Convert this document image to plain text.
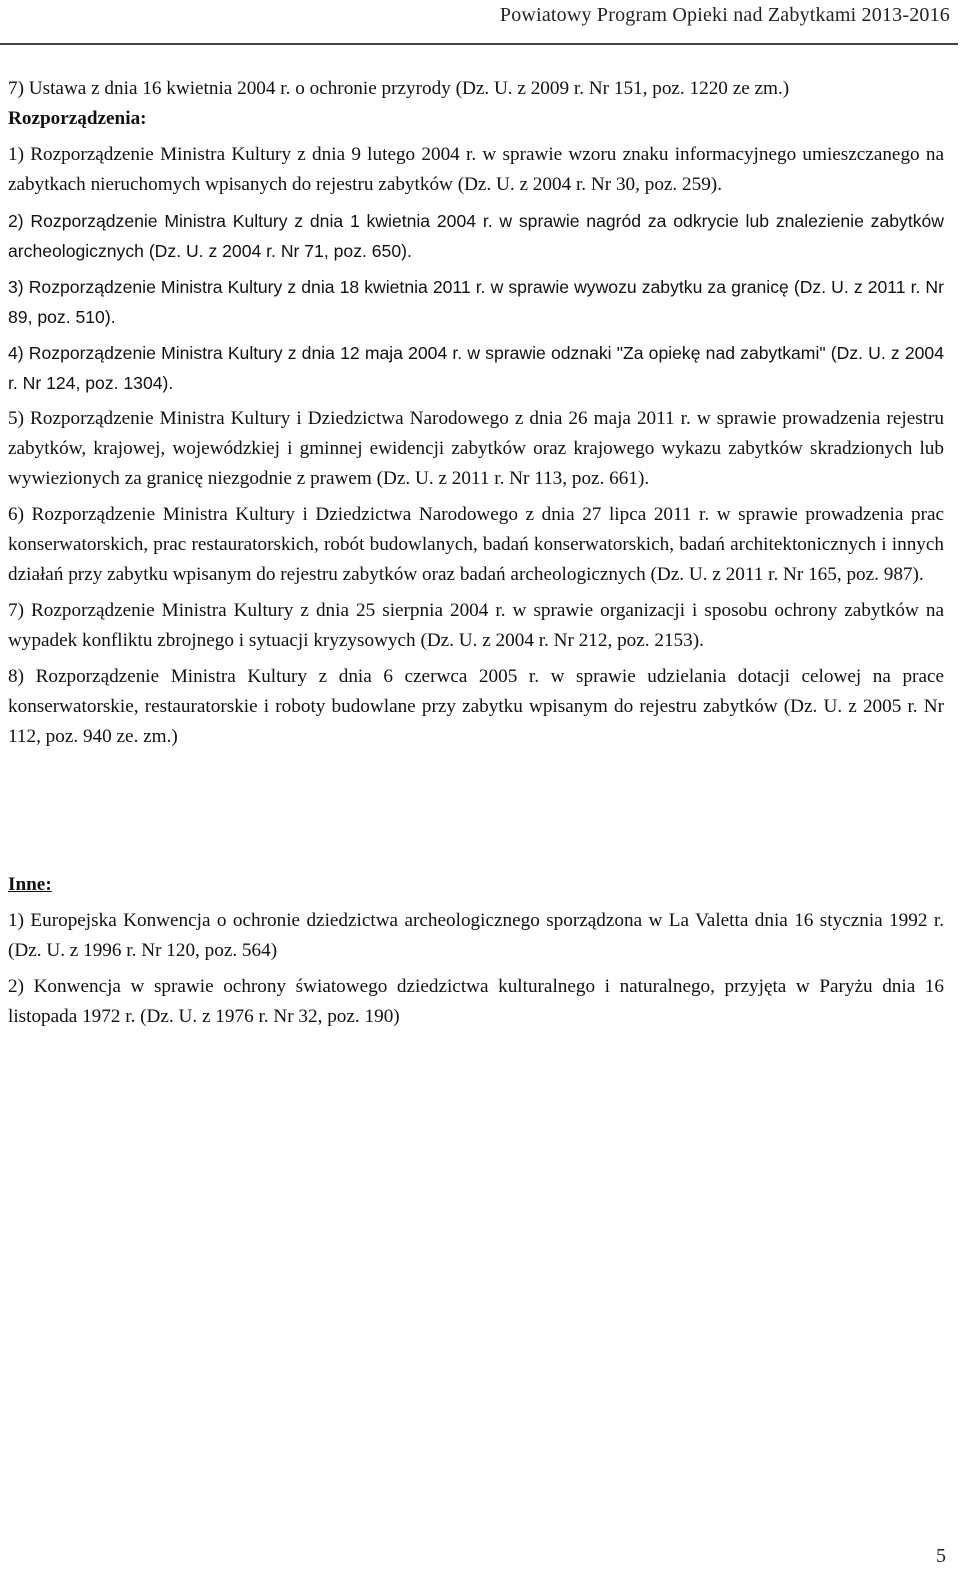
Powiatowy Program Opieki nad Zabytkami 2013-2016

7) Ustawa z dnia 16 kwietnia 2004 r. o ochronie przyrody (Dz. U. z 2009 r. Nr 151, poz. 1220 ze zm.)

Rozporządzenia:

1) Rozporządzenie Ministra Kultury z dnia 9 lutego 2004 r. w sprawie wzoru znaku informacyjnego umieszczanego na zabytkach nieruchomych wpisanych do rejestru zabytków (Dz. U. z 2004 r. Nr 30, poz. 259).

2) Rozporządzenie Ministra Kultury z dnia 1 kwietnia 2004 r. w sprawie nagród za odkrycie lub znalezienie zabytków archeologicznych (Dz. U. z 2004 r. Nr 71, poz. 650).

3) Rozporządzenie Ministra Kultury z dnia 18 kwietnia 2011 r. w sprawie wywozu zabytku za granicę (Dz. U. z 2011 r. Nr 89, poz. 510).

4) Rozporządzenie Ministra Kultury z dnia 12 maja 2004 r. w sprawie odznaki "Za opiekę nad zabytkami" (Dz. U. z 2004 r. Nr 124, poz. 1304).

5) Rozporządzenie Ministra Kultury i Dziedzictwa Narodowego z dnia 26 maja 2011 r. w sprawie prowadzenia rejestru zabytków, krajowej, wojewódzkiej i gminnej ewidencji zabytków oraz krajowego wykazu zabytków skradzionych lub wywiezionych za granicę niezgodnie z prawem (Dz. U. z 2011 r. Nr 113, poz. 661).

6) Rozporządzenie Ministra Kultury i Dziedzictwa Narodowego z dnia 27 lipca 2011 r. w sprawie prowadzenia prac konserwatorskich, prac restauratorskich, robót budowlanych, badań konserwatorskich, badań architektonicznych i innych działań przy zabytku wpisanym do rejestru zabytków oraz badań archeologicznych (Dz. U. z 2011 r. Nr 165, poz. 987).

7) Rozporządzenie Ministra Kultury z dnia 25 sierpnia 2004 r. w sprawie organizacji i sposobu ochrony zabytków na wypadek konfliktu zbrojnego i sytuacji kryzysowych (Dz. U. z 2004 r. Nr 212, poz. 2153).

8) Rozporządzenie Ministra Kultury z dnia 6 czerwca 2005 r. w sprawie udzielania dotacji celowej na prace konserwatorskie, restauratorskie i roboty budowlane przy zabytku wpisanym do rejestru zabytków (Dz. U. z 2005 r. Nr 112, poz. 940 ze. zm.)

Inne:

1) Europejska Konwencja o ochronie dziedzictwa archeologicznego sporządzona w La Valetta dnia 16 stycznia 1992 r. (Dz. U. z 1996 r. Nr 120, poz. 564)

2) Konwencja w sprawie ochrony światowego dziedzictwa kulturalnego i naturalnego, przyjęta w Paryżu dnia 16 listopada 1972 r. (Dz. U. z 1976 r. Nr 32, poz. 190)

5
